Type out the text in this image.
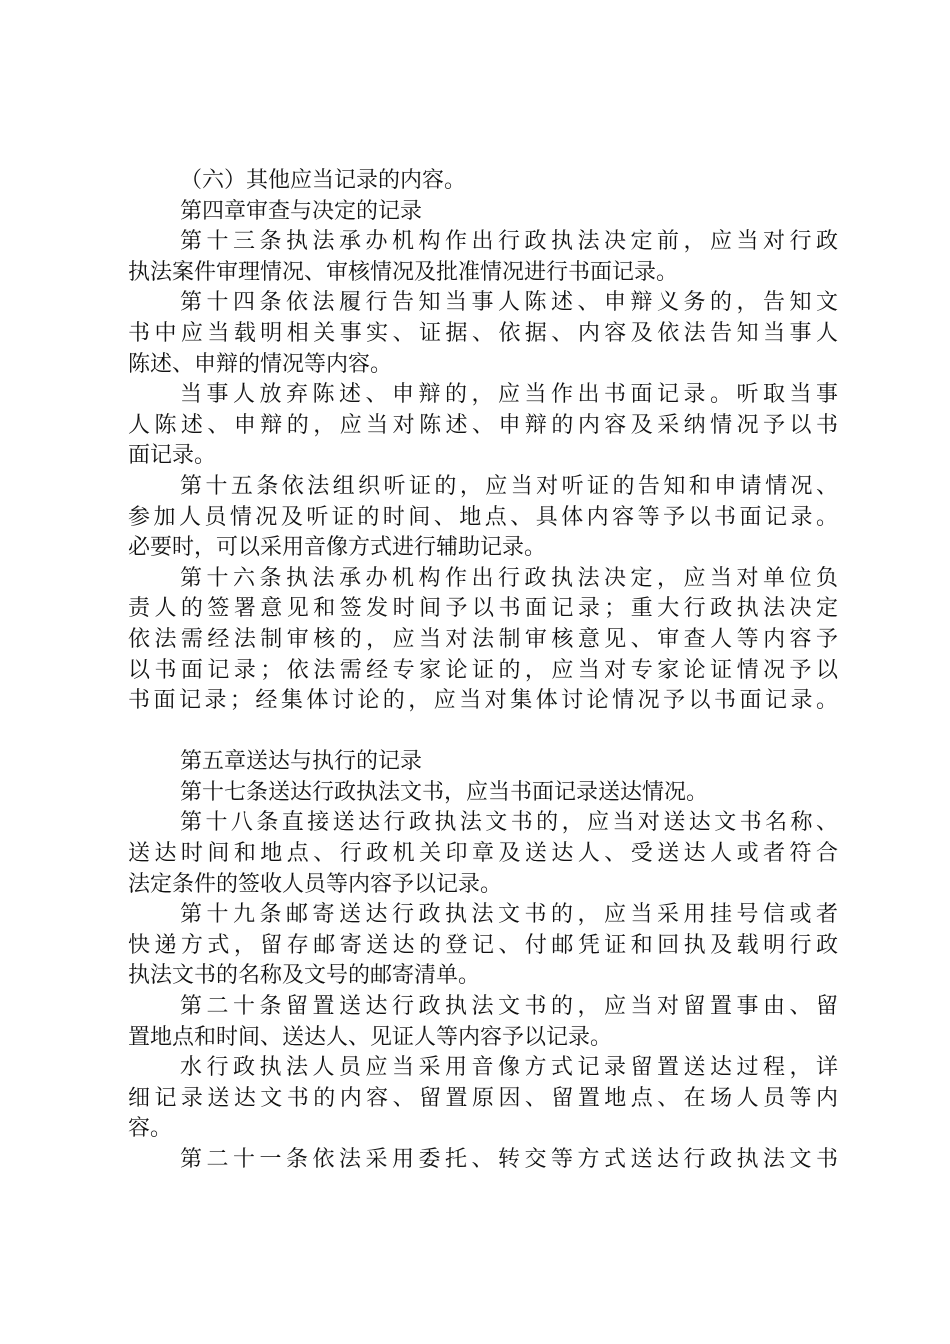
（六）其他应当记录的内容。
第四章审查与决定的记录
第十三条执法承办机构作出行政执法决定前，应当对行政
执法案件审理情况、审核情况及批准情况进行书面记录。
第十四条依法履行告知当事人陈述、申辩义务的，告知文
书中应当载明相关事实、证据、依据、内容及依法告知当事人
陈述、申辩的情况等内容。
当事人放弃陈述、申辩的，应当作出书面记录。听取当事
人陈述、申辩的，应当对陈述、申辩的内容及采纳情况予以书
面记录。
第十五条依法组织听证的，应当对听证的告知和申请情况、
参加人员情况及听证的时间、地点、具体内容等予以书面记录。
必要时，可以采用音像方式进行辅助记录。
第十六条执法承办机构作出行政执法决定，应当对单位负
责人的签署意见和签发时间予以书面记录；重大行政执法决定
依法需经法制审核的，应当对法制审核意见、审查人等内容予
以书面记录；依法需经专家论证的，应当对专家论证情况予以
书面记录；经集体讨论的，应当对集体讨论情况予以书面记录。
第五章送达与执行的记录
第十七条送达行政执法文书，应当书面记录送达情况。
第十八条直接送达行政执法文书的，应当对送达文书名称、
送达时间和地点、行政机关印章及送达人、受送达人或者符合
法定条件的签收人员等内容予以记录。
第十九条邮寄送达行政执法文书的，应当采用挂号信或者
快递方式，留存邮寄送达的登记、付邮凭证和回执及载明行政
执法文书的名称及文号的邮寄清单。
第二十条留置送达行政执法文书的，应当对留置事由、留
置地点和时间、送达人、见证人等内容予以记录。
水行政执法人员应当采用音像方式记录留置送达过程，详
细记录送达文书的内容、留置原因、留置地点、在场人员等内
容。
第二十一条依法采用委托、转交等方式送达行政执法文书
